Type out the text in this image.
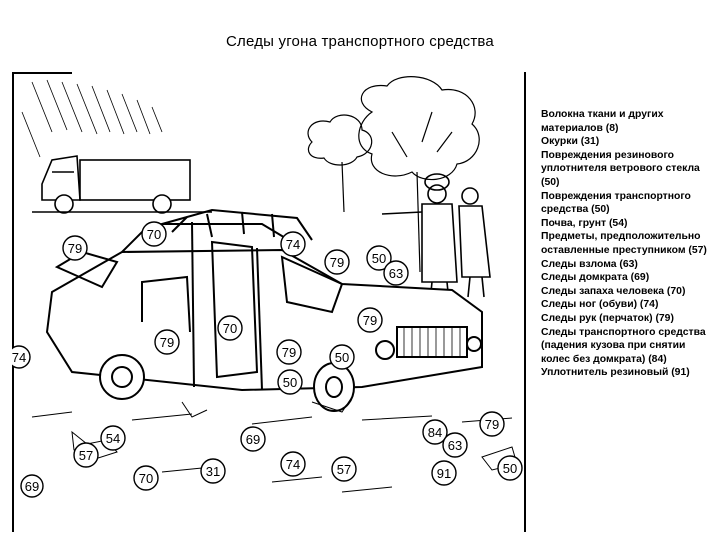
Следы угона транспортного средства
79
70
74
79 50
63
79
70
79
74	79	50
50
54
57
70	31
69
74	57
84
63
79
91	50
69
Волокна ткани и других материалов (8)
Окурки (31)
Повреждения резинового уплотнителя ветрового стекла (50)
Повреждения транспортного средства (50)
Почва, грунт (54)
Предметы, предположительно оставленные преступником (57)
Следы взлома (63)
Следы домкрата (69)
Следы запаха человека (70)
Следы ног (обуви) (74)
Следы рук (перчаток) (79)
Следы транспортного средства (падения кузова при снятии колес без домкрата) (84)
Уплотнитель резиновый (91)
